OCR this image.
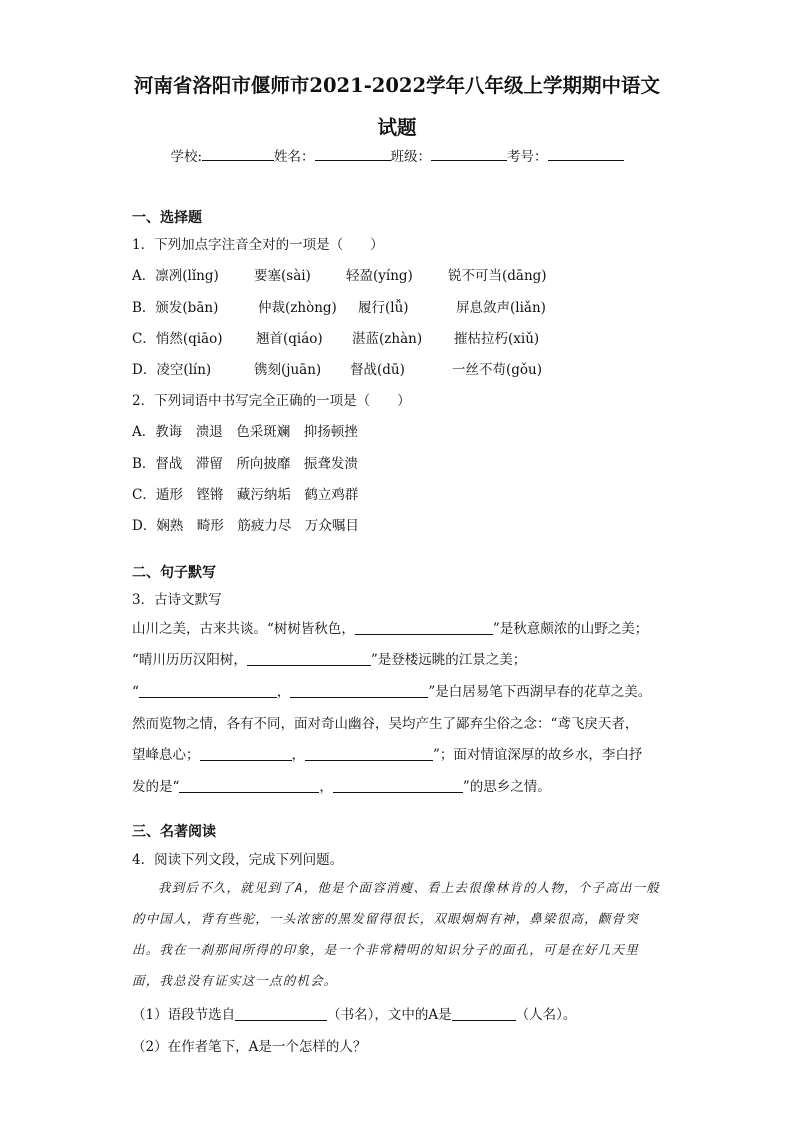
河南省洛阳市偃师市2021-2022学年八年级上学期期中语文
试题
学校:	姓名：	班级：	考号：
一、选择题
1．下列加点字注音全对的一项是（　　）
A．凛冽(lǐng)	要塞(sài)	轻盈(yíng)	锐不可当(dāng)
B．颁发(bān)	仲裁(zhòng) 履行(lǚ)	屏息敛声(liǎn)
C．悄然(qiāo) 翘首(qiáo) 湛蓝(zhàn) 摧枯拉朽(xiǔ)
D．凌空(lín)	镌刻(juān) 督战(dū)	一丝不苟(gǒu)
2．下列词语中书写完全正确的一项是（　　）
A．教诲　溃退　色采斑斓　抑扬顿挫
B．督战　滞留　所向披靡　振聋发溃
C．遁形　铿锵　藏污纳垢　鹤立鸡群
D．娴熟　畸形　筋疲力尽　万众嘱目
二、句子默写
3．古诗文默写
山川之美，古来共谈。“树树皆秋色，	”是秋意颇浓的山野之美；
“晴川历历汉阳树，	”是登楼远眺的江景之美；
“	，	”是白居易笔下西湖早春的花草之美。
然而览物之情，各有不同，面对奇山幽谷，吴均产生了鄙弃尘俗之念：“鸢飞戾天者，
望峰息心；	，	”；面对情谊深厚的故乡水，李白抒
发的是“	，	”的思乡之情。
三、名著阅读
4．阅读下列文段，完成下列问题。
我到后不久，就见到了A，他是个面容消瘦、看上去很像林肯的人物，个子高出一般的中国人，背有些驼，一头浓密的黑发留得很长，双眼炯炯有神，鼻梁很高，颧骨突出。我在一刹那间所得的印象，是一个非常精明的知识分子的面孔，可是在好几天里面，我总没有证实这一点的机会。
（1）语段节选自	（书名），文中的A是	（人名）。
（2）在作者笔下，A是一个怎样的人？
